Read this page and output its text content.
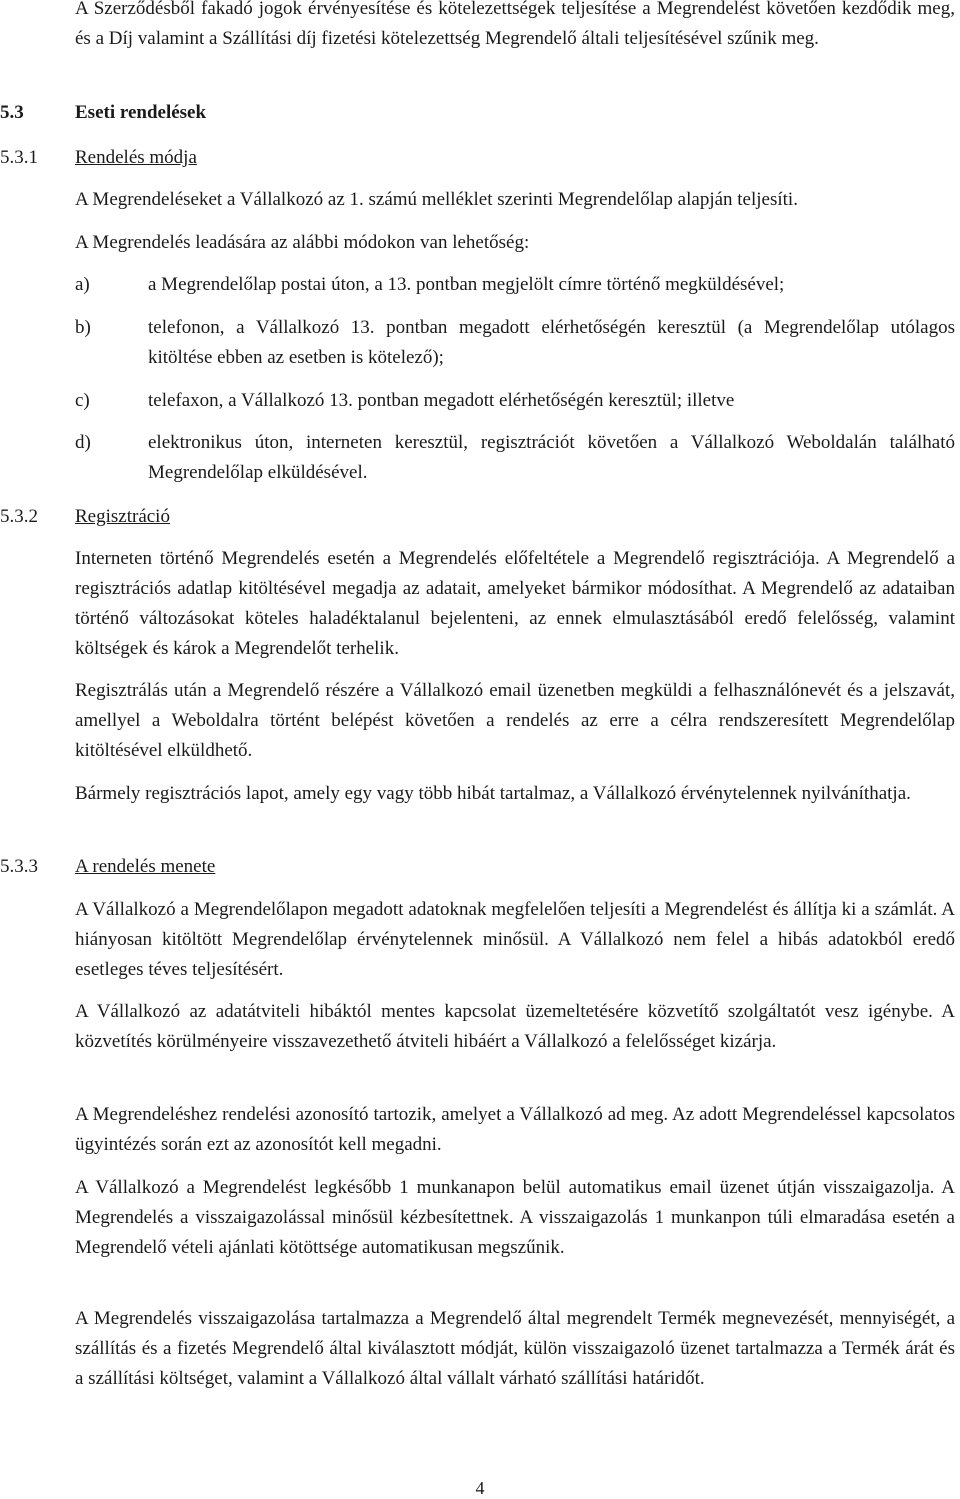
A Szerződésből fakadó jogok érvényesítése és kötelezettségek teljesítése a Megrendelést követően kezdődik meg, és a Díj valamint a Szállítási díj fizetési kötelezettség Megrendelő általi teljesítésével szűnik meg.

5.3	Eseti rendelések
5.3.1 Rendelés módja

A Megrendeléseket a Vállalkozó az 1. számú melléklet szerinti Megrendelőlap alapján teljesíti.

A Megrendelés leadására az alábbi módokon van lehetőség:

a)	a Megrendelőlap postai úton, a 13. pontban megjelölt címre történő megküldésével;

b)	telefonon, a Vállalkozó 13. pontban megadott elérhetőségén keresztül (a Megrendelőlap utólagos kitöltése ebben az esetben is kötelező);

c)	telefaxon, a Vállalkozó 13. pontban megadott elérhetőségén keresztül; illetve

d)	elektronikus úton, interneten keresztül, regisztrációt követően a Vállalkozó Weboldalán található Megrendelőlap elküldésével.

5.3.2 Regisztráció

Interneten történő Megrendelés esetén a Megrendelés előfeltétele a Megrendelő regisztrációja. A Megrendelő a regisztrációs adatlap kitöltésével megadja az adatait, amelyeket bármikor módosíthat. A Megrendelő az adataiban történő változásokat köteles haladéktalanul bejelenteni, az ennek elmulasztásából eredő felelősség, valamint költségek és károk a Megrendelőt terhelik.

Regisztrálás után a Megrendelő részére a Vállalkozó email üzenetben megküldi a felhasználónevét és a jelszavát, amellyel a Weboldalra történt belépést követően a rendelés az erre a célra rendszeresített Megrendelőlap kitöltésével elküldhető.

Bármely regisztrációs lapot, amely egy vagy több hibát tartalmaz, a Vállalkozó érvénytelennek nyilváníthatja.

5.3.3 A rendelés menete

A Vállalkozó a Megrendelőlapon megadott adatoknak megfelelően teljesíti a Megrendelést és állítja ki a számlát. A hiányosan kitöltött Megrendelőlap érvénytelennek minősül. A Vállalkozó nem felel a hibás adatokból eredő esetleges téves teljesítésért.

A Vállalkozó az adatátviteli hibáktól mentes kapcsolat üzemeltetésére közvetítő szolgáltatót vesz igénybe. A közvetítés körülményeire visszavezethető átviteli hibáért a Vállalkozó a felelősséget kizárja.

A Megrendeléshez rendelési azonosító tartozik, amelyet a Vállalkozó ad meg. Az adott Megrendeléssel kapcsolatos ügyintézés során ezt az azonosítót kell megadni.

A Vállalkozó a Megrendelést legkésőbb 1 munkanapon belül automatikus email üzenet útján visszaigazolja. A Megrendelés a visszaigazolással minősül kézbesítettnek. A visszaigazolás 1 munkanpon túli elmaradása esetén a Megrendelő vételi ajánlati kötöttsége automatikusan megszűnik.

A Megrendelés visszaigazolása tartalmazza a Megrendelő által megrendelt Termék megnevezését, mennyiségét, a szállítás és a fizetés Megrendelő által kiválasztott módját, külön visszaigazoló üzenet tartalmazza a Termék árát és a szállítási költséget, valamint a Vállalkozó által vállalt várható szállítási határidőt.

4
